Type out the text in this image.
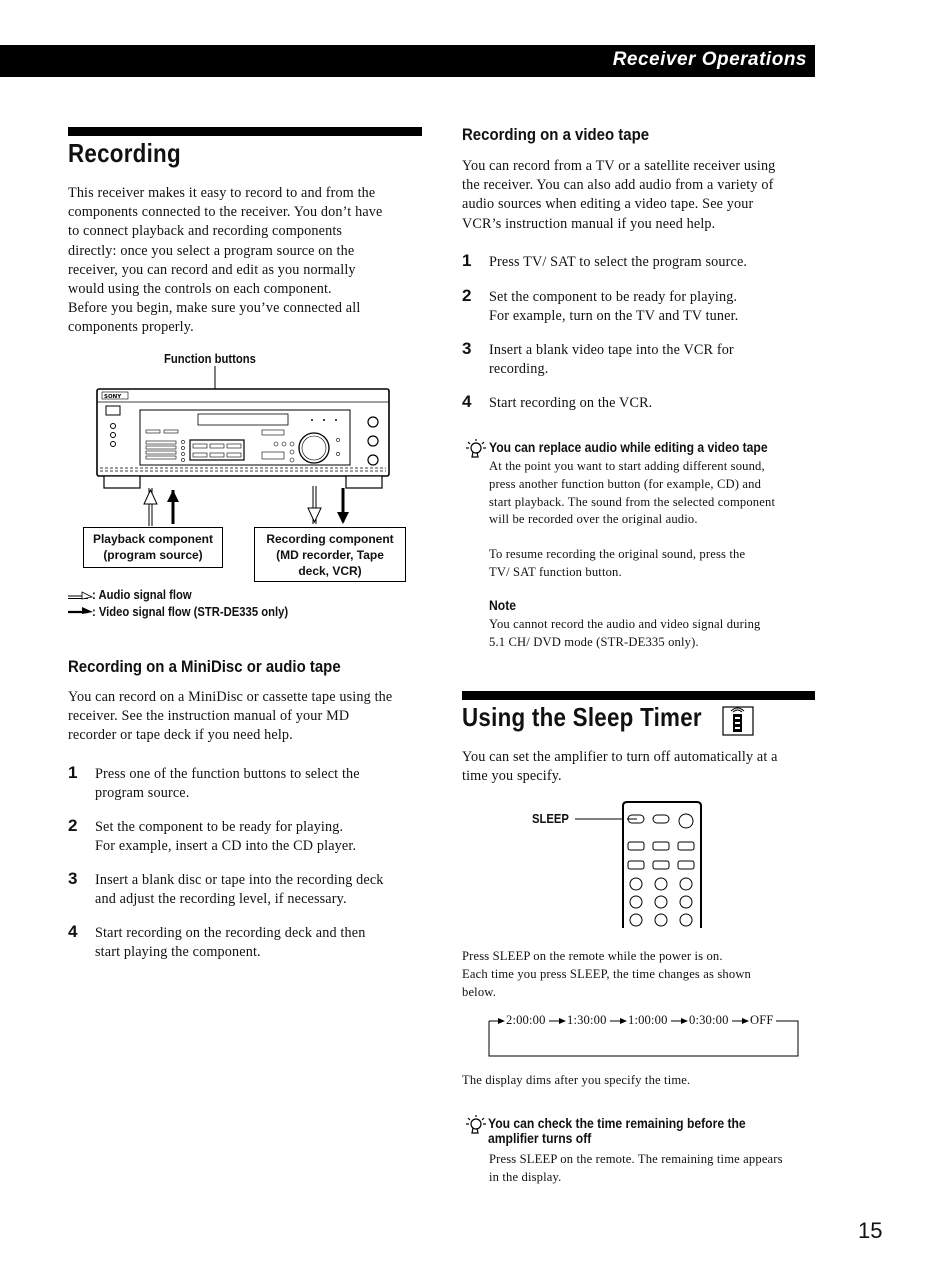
Receiver Operations
Recording
This receiver makes it easy to record to and from the
components connected to the receiver. You don’t have
to connect playback and recording components
directly: once you select a program source on the
receiver, you can record and edit as you normally
would using the controls on each component.
Before you begin, make sure you’ve connected all
components properly.
Function buttons
SONY
Playback component
(program source)
Recording component
(MD recorder, Tape
deck, VCR)
: Audio signal flow
: Video signal flow (STR-DE335 only)
Recording on a MiniDisc or audio tape
You can record on a MiniDisc or cassette tape using the
receiver. See the instruction manual of your MD
recorder or tape deck if you need help.
1 Press one of the function buttons to select the
program source.
2 Set the component to be ready for playing.
For example, insert a CD into the CD player.
3 Insert a blank disc or tape into the recording deck
and adjust the recording level, if necessary.
4 Start recording on the recording deck and then
start playing the component.
Recording on a video tape
You can record from a TV or a satellite receiver using
the receiver. You can also add audio from a variety of
audio sources when editing a video tape. See your
VCR’s instruction manual if you need help.
1 Press TV/ SAT to select the program source.
2 Set the component to be ready for playing.
For example, turn on the TV and TV tuner.
3 Insert a blank video tape into the VCR for
recording.
4 Start recording on the VCR.
You can replace audio while editing a video tape
At the point you want to start adding different sound,
press another function button (for example, CD) and
start playback. The sound from the selected component
will be recorded over the original audio.
To resume recording the original sound, press the
TV/ SAT function button.
Note
You cannot record the audio and video signal during
5.1 CH/ DVD mode (STR-DE335 only).
Using the Sleep Timer
You can set the amplifier to turn off automatically at a
time you specify.
SLEEP
Press SLEEP on the remote while the power is on.
Each time you press SLEEP, the time changes as shown
below.
2:00:00 1:30:00 1:00:00 0:30:00 OFF
The display dims after you specify the time.
You can check the time remaining before the
amplifier turns off
Press SLEEP on the remote. The remaining time appears
in the display.
15
